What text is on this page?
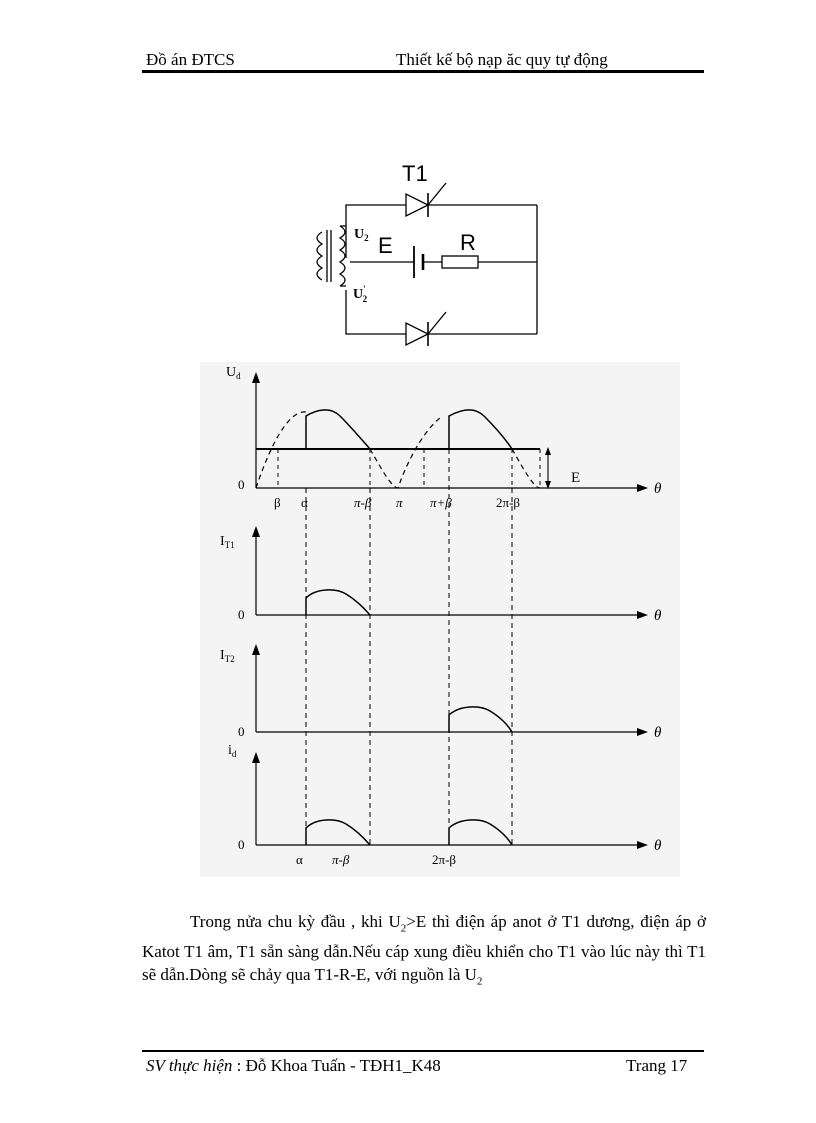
Đồ án ĐTCS	Thiết kế bộ nạp ăc quy tự động
T1
E	R
$U_2$
U' 2
$U_d$
0	θ
E
β α	π-β π π+β	2π-β
$I_{T1}$
0	θ
$I_{T2}$
0	θ
$i_d$
0	θ
α π-β	2π-β

Trong nửa chu kỳ đầu , khi $U_2>E$ thì điện áp anot ở T1 dương, điện áp ở Katot T1 âm, T1 sẵn sàng dẫn.Nếu cáp xung điều khiển cho T1 vào lúc này thì T1 sẽ dẫn.Dòng sẽ chảy qua T1-R-E, với nguồn là $U_2$

SV thực hiện : Đỗ Khoa Tuấn - TĐH1_K48	Trang 17
